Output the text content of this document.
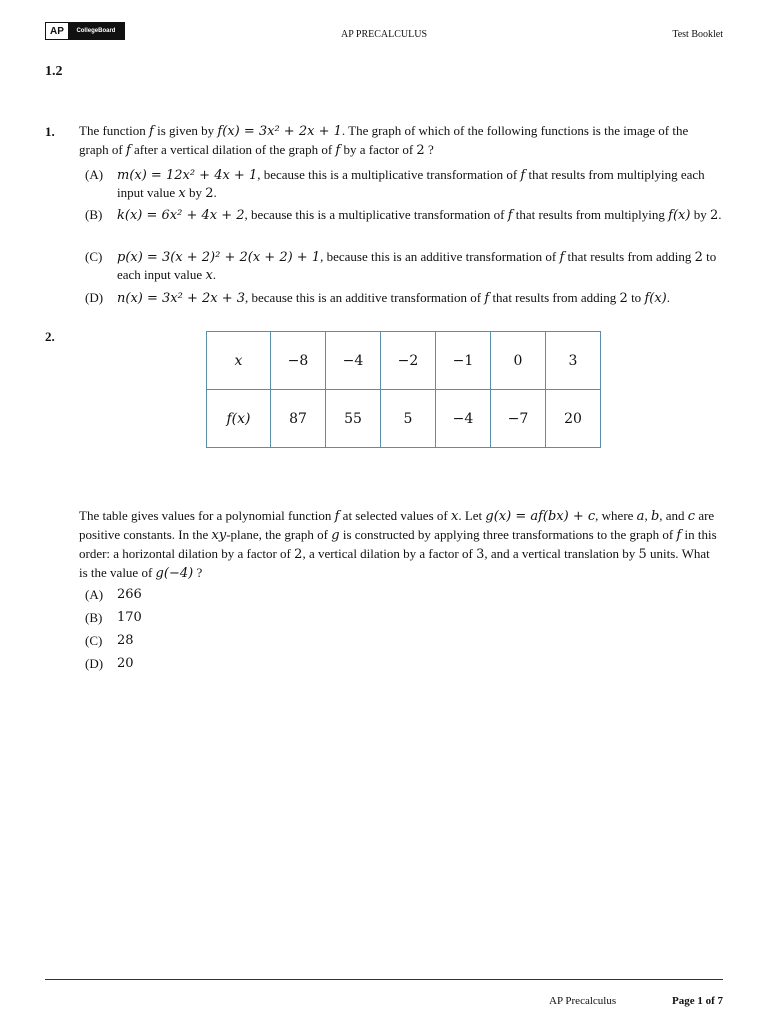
AP	CollegeBoard	AP PRECALCULUS	Test Booklet
1.2
1. The function f is given by f(x) = 3x² + 2x + 1. The graph of which of the following functions is the image of the graph of f after a vertical dilation of the graph of f by a factor of 2 ?
(A)	m(x) = 12x² + 4x + 1, because this is a multiplicative transformation of f that results from multiplying each input value x by 2.
(B)	k(x) = 6x² + 4x + 2, because this is a multiplicative transformation of f that results from multiplying f(x) by 2.
(C)	p(x) = 3(x + 2)² + 2(x + 2) + 1, because this is an additive transformation of f that results from adding 2 to each input value x.
(D)	n(x) = 3x² + 2x + 3, because this is an additive transformation of f that results from adding 2 to f(x).
2.
x	−8	−4	−2	−1	0	3
f(x)	87	55	5	−4	−7	20
The table gives values for a polynomial function f at selected values of x. Let g(x) = af(bx) + c, where a, b, and c are positive constants. In the xy-plane, the graph of g is constructed by applying three transformations to the graph of f in this order: a horizontal dilation by a factor of 2, a vertical dilation by a factor of 3, and a vertical translation by 5 units. What is the value of g(−4) ?
(A)	266
(B)	170
(C)	28
(D)	20
AP Precalculus	Page 1 of 7
